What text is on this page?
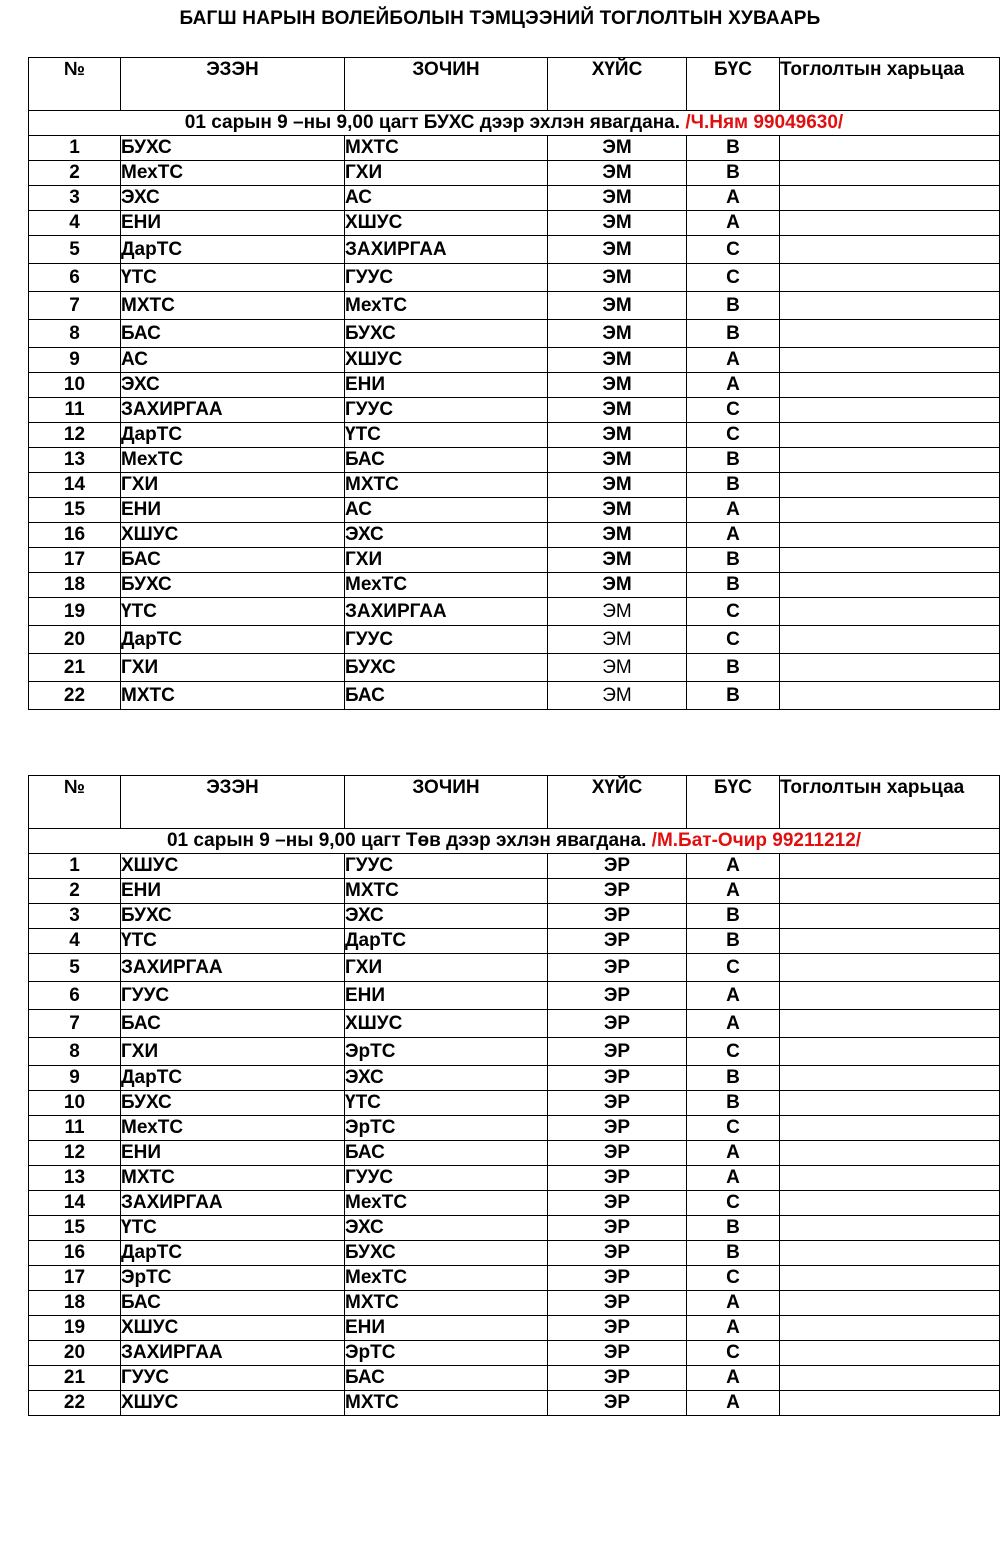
БАГШ НАРЫН ВОЛЕЙБОЛЫН ТЭМЦЭЭНИЙ ТОГЛОЛТЫН ХУВААРЬ
№	ЭЗЭН	ЗОЧИН	ХҮЙС	БҮС	Тоглолтын харьцаа
01 сарын 9 –ны 9,00 цагт БУХС дээр эхлэн явагдана. /Ч.Ням 99049630/					
1	БУХС	МХТС	ЭМ	В	
2	МехТС	ГХИ	ЭМ	В	
3	ЭХС	АС	ЭМ	А	
4	ЕНИ	ХШУС	ЭМ	А	
5	ДарТС	ЗАХИРГАА	ЭМ	С	
6	ҮТС	ГУУС	ЭМ	С	
7	МХТС	МехТС	ЭМ	В	
8	БАС	БУХС	ЭМ	В	
9	АС	ХШУС	ЭМ	А	
10	ЭХС	ЕНИ	ЭМ	А	
11	ЗАХИРГАА	ГУУС	ЭМ	С	
12	ДарТС	ҮТС	ЭМ	С	
13	МехТС	БАС	ЭМ	В	
14	ГХИ	МХТС	ЭМ	В	
15	ЕНИ	АС	ЭМ	А	
16	ХШУС	ЭХС	ЭМ	А	
17	БАС	ГХИ	ЭМ	В	
18	БУХС	МехТС	ЭМ	В	
19	ҮТС	ЗАХИРГАА	ЭМ	С	
20	ДарТС	ГУУС	ЭМ	С	
21	ГХИ	БУХС	ЭМ	В	
22	МХТС	БАС	ЭМ	В	
№	ЭЗЭН	ЗОЧИН	ХҮЙС	БҮС	Тоглолтын харьцаа
01 сарын 9 –ны 9,00 цагт Төв дээр эхлэн явагдана. /М.Бат-Очир 99211212/					
1	ХШУС	ГУУС	ЭР	А	
2	ЕНИ	МХТС	ЭР	А	
3	БУХС	ЭХС	ЭР	В	
4	ҮТС	ДарТС	ЭР	В	
5	ЗАХИРГАА	ГХИ	ЭР	С	
6	ГУУС	ЕНИ	ЭР	А	
7	БАС	ХШУС	ЭР	А	
8	ГХИ	ЭрТС	ЭР	С	
9	ДарТС	ЭХС	ЭР	В	
10	БУХС	ҮТС	ЭР	В	
11	МехТС	ЭрТС	ЭР	С	
12	ЕНИ	БАС	ЭР	А	
13	МХТС	ГУУС	ЭР	А	
14	ЗАХИРГАА	МехТС	ЭР	С	
15	ҮТС	ЭХС	ЭР	В	
16	ДарТС	БУХС	ЭР	В	
17	ЭрТС	МехТС	ЭР	С	
18	БАС	МХТС	ЭР	А	
19	ХШУС	ЕНИ	ЭР	А	
20	ЗАХИРГАА	ЭрТС	ЭР	С	
21	ГУУС	БАС	ЭР	А	
22	ХШУС	МХТС	ЭР	А	
